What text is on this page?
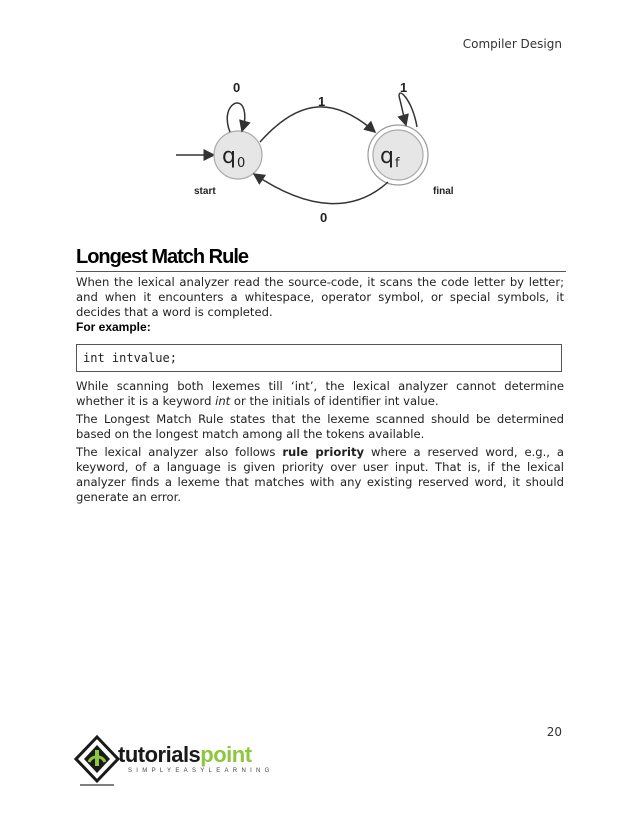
Compiler Design
q 0
start
0
q f
final
1
1
0
Longest Match Rule
When the lexical analyzer read the source-code, it scans the code letter by letter; and when it encounters a whitespace, operator symbol, or special symbols, it decides that a word is completed.
For example:
int intvalue;
While scanning both lexemes till ‘int’, the lexical analyzer cannot determine whether it is a keyword int or the initials of identifier int value.
The Longest Match Rule states that the lexeme scanned should be determined based on the longest match among all the tokens available.
The lexical analyzer also follows rule priority where a reserved word, e.g., a keyword, of a language is given priority over user input. That is, if the lexical analyzer finds a lexeme that matches with any existing reserved word, it should generate an error.
20
tutorialspoint
SIMPLYEASYLEARNING
